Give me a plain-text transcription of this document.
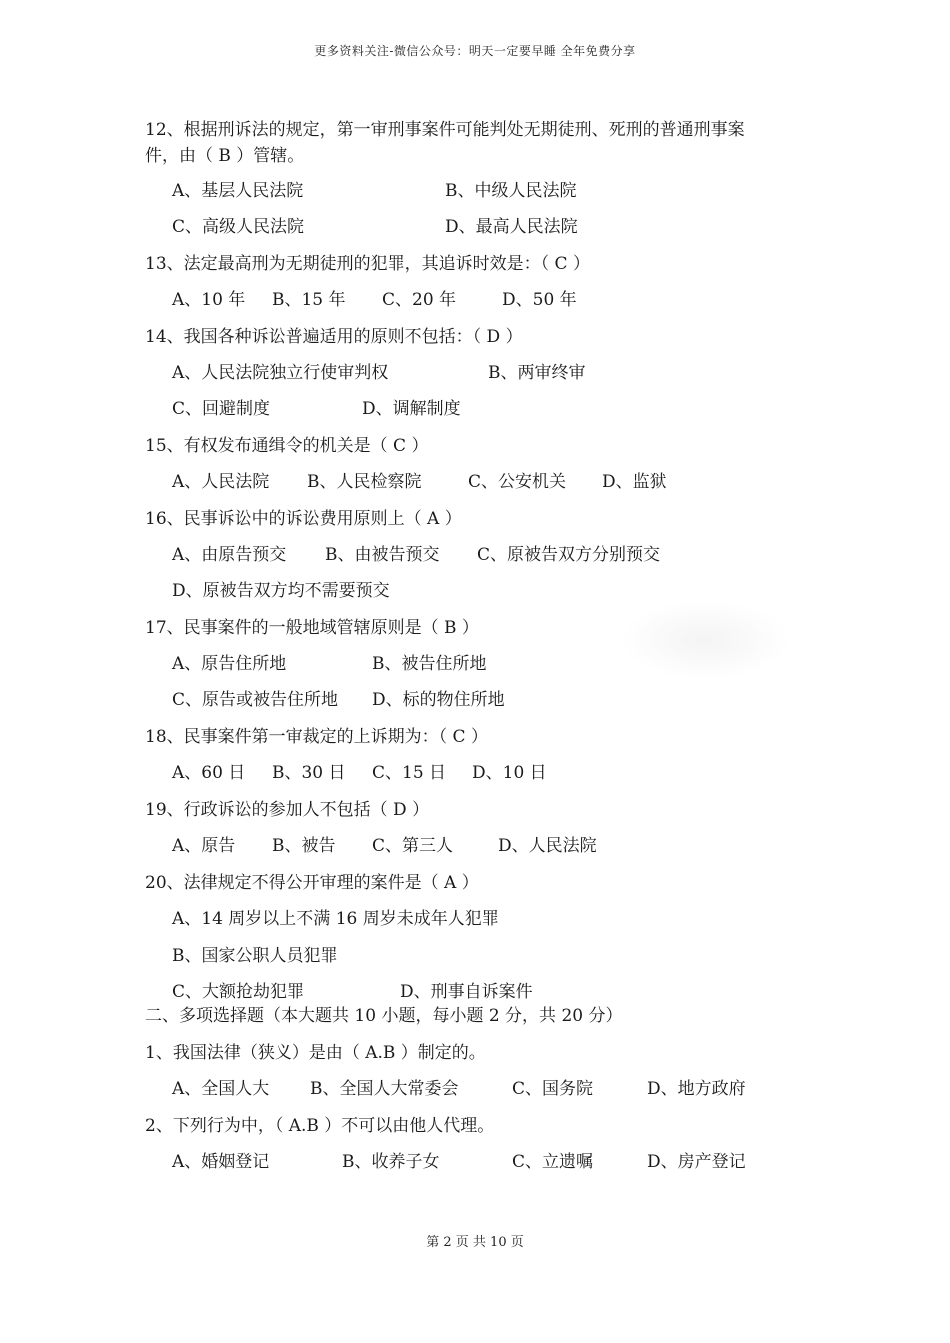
更多资料关注-微信公众号：明天一定要早睡 全年免费分享
12、根据刑诉法的规定，第一审刑事案件可能判处无期徒刑、死刑的普通刑事案
件，由（ B ）管辖。
A、基层人民法院	B、中级人民法院
C、高级人民法院	D、最高人民法院
13、法定最高刑为无期徒刑的犯罪，其追诉时效是：（ C ）
A、10 年 B、15 年 C、20 年	D、50 年
14、我国各种诉讼普遍适用的原则不包括：（ D ）
A、人民法院独立行使审判权	B、两审终审
C、回避制度	D、调解制度
15、有权发布通缉令的机关是（ C ）
A、人民法院 B、人民检察院	C、公安机关 D、监狱
16、民事诉讼中的诉讼费用原则上（ A ）
A、由原告预交 B、由被告预交 C、原被告双方分别预交
D、原被告双方均不需要预交
17、民事案件的一般地域管辖原则是（ B ）
A、原告住所地	B、被告住所地
C、原告或被告住所地 D、标的物住所地
18、民事案件第一审裁定的上诉期为：（ C ）
A、60 日 B、30 日 C、15 日 D、10 日
19、行政诉讼的参加人不包括（ D ）
A、原告 B、被告 C、第三人	D、人民法院
20、法律规定不得公开审理的案件是（ A ）
A、14 周岁以上不满 16 周岁未成年人犯罪
B、国家公职人员犯罪
C、大额抢劫犯罪	D、刑事自诉案件
二、多项选择题（本大题共 10 小题，每小题 2 分，共 20 分）
1、我国法律（狭义）是由（ A.B ）制定的。
A、全国人大 B、全国人大常委会	C、国务院	D、地方政府
2、下列行为中，（ A.B ）不可以由他人代理。
A、婚姻登记	B、收养子女	C、立遗嘱	D、房产登记
第 2 页 共 10 页
